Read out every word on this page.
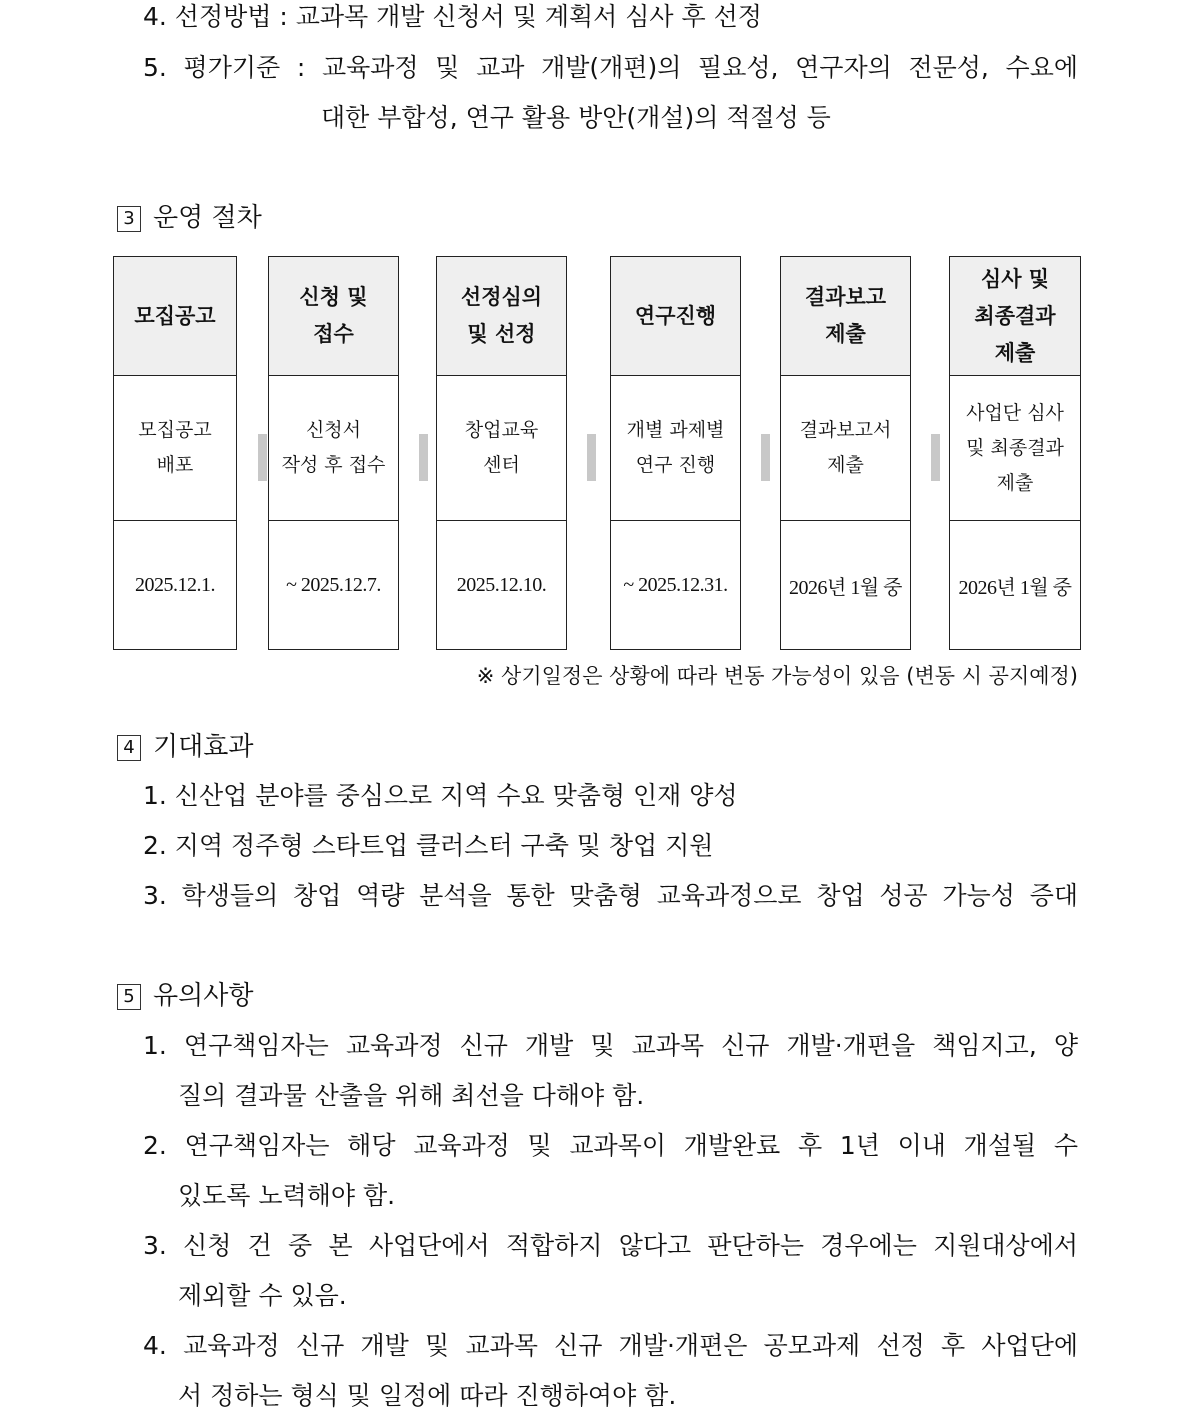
4. 선정방법 : 교과목 개발 신청서 및 계획서 심사 후 선정
5. 평가기준 : 교육과정 및 교과 개발(개편)의 필요성, 연구자의 전문성, 수요에
대한 부합성, 연구 활용 방안(개설)의 적절성 등
3 운영 절차
모집공고
모집공고
배포
2025.12.1.
신청 및
접수
신청서
작성 후 접수
~ 2025.12.7.
선정심의
및 선정
창업교육
센터
2025.12.10.
연구진행
개별 과제별
연구 진행
~ 2025.12.31.
결과보고
제출
결과보고서
제출
2026년 1월 중
심사 및
최종결과
제출
사업단 심사
및 최종결과
제출
2026년 1월 중
※ 상기일정은 상황에 따라 변동 가능성이 있음 (변동 시 공지예정)
4 기대효과
1. 신산업 분야를 중심으로 지역 수요 맞춤형 인재 양성
2. 지역 정주형 스타트업 클러스터 구축 및 창업 지원
3. 학생들의 창업 역량 분석을 통한 맞춤형 교육과정으로 창업 성공 가능성 증대
5 유의사항
1. 연구책임자는 교육과정 신규 개발 및 교과목 신규 개발·개편을 책임지고, 양
질의 결과물 산출을 위해 최선을 다해야 함.
2. 연구책임자는 해당 교육과정 및 교과목이 개발완료 후 1년 이내 개설될 수
있도록 노력해야 함.
3. 신청 건 중 본 사업단에서 적합하지 않다고 판단하는 경우에는 지원대상에서
제외할 수 있음.
4. 교육과정 신규 개발 및 교과목 신규 개발·개편은 공모과제 선정 후 사업단에
서 정하는 형식 및 일정에 따라 진행하여야 함.
